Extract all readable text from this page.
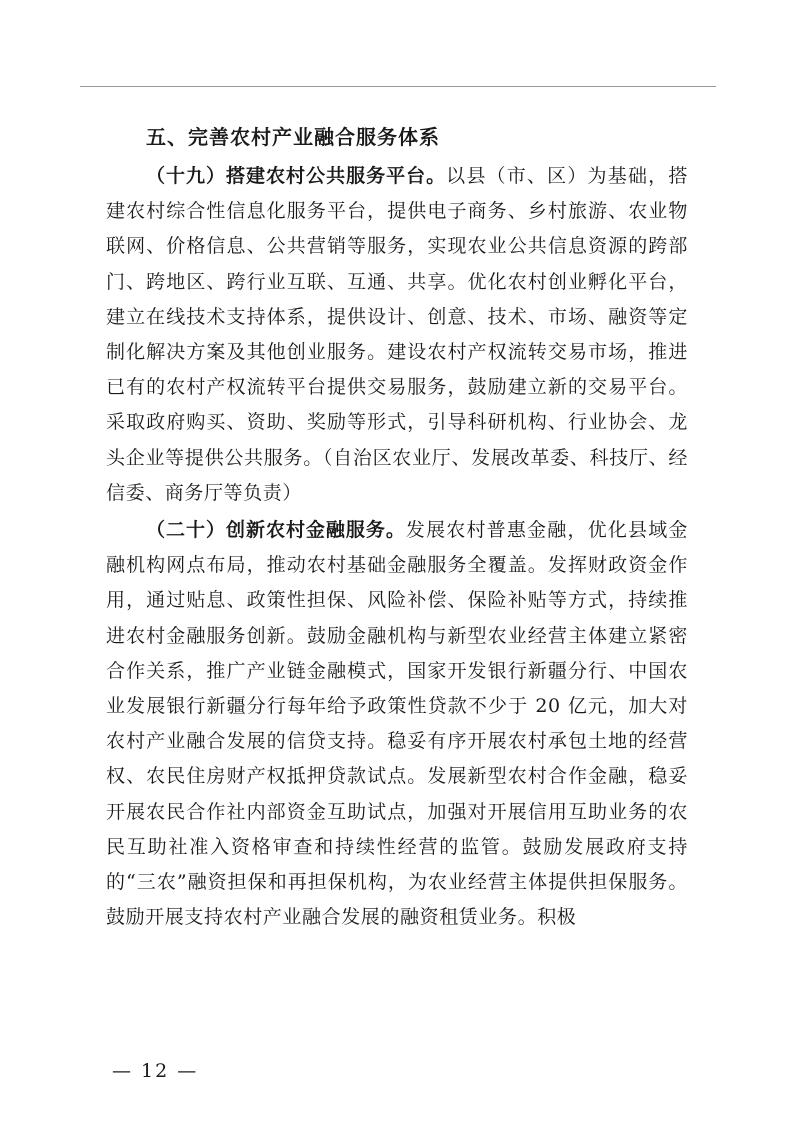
五、完善农村产业融合服务体系

（十九）搭建农村公共服务平台。以县（市、区）为基础，搭建农村综合性信息化服务平台，提供电子商务、乡村旅游、农业物联网、价格信息、公共营销等服务，实现农业公共信息资源的跨部门、跨地区、跨行业互联、互通、共享。优化农村创业孵化平台，建立在线技术支持体系，提供设计、创意、技术、市场、融资等定制化解决方案及其他创业服务。建设农村产权流转交易市场，推进已有的农村产权流转平台提供交易服务，鼓励建立新的交易平台。采取政府购买、资助、奖励等形式，引导科研机构、行业协会、龙头企业等提供公共服务。（自治区农业厅、发展改革委、科技厅、经信委、商务厅等负责）

（二十）创新农村金融服务。发展农村普惠金融，优化县域金融机构网点布局，推动农村基础金融服务全覆盖。发挥财政资金作用，通过贴息、政策性担保、风险补偿、保险补贴等方式，持续推进农村金融服务创新。鼓励金融机构与新型农业经营主体建立紧密合作关系，推广产业链金融模式，国家开发银行新疆分行、中国农业发展银行新疆分行每年给予政策性贷款不少于 20 亿元，加大对农村产业融合发展的信贷支持。稳妥有序开展农村承包土地的经营权、农民住房财产权抵押贷款试点。发展新型农村合作金融，稳妥开展农民合作社内部资金互助试点，加强对开展信用互助业务的农民互助社准入资格审查和持续性经营的监管。鼓励发展政府支持的“三农”融资担保和再担保机构，为农业经营主体提供担保服务。鼓励开展支持农村产业融合发展的融资租赁业务。积极

— 12 —
